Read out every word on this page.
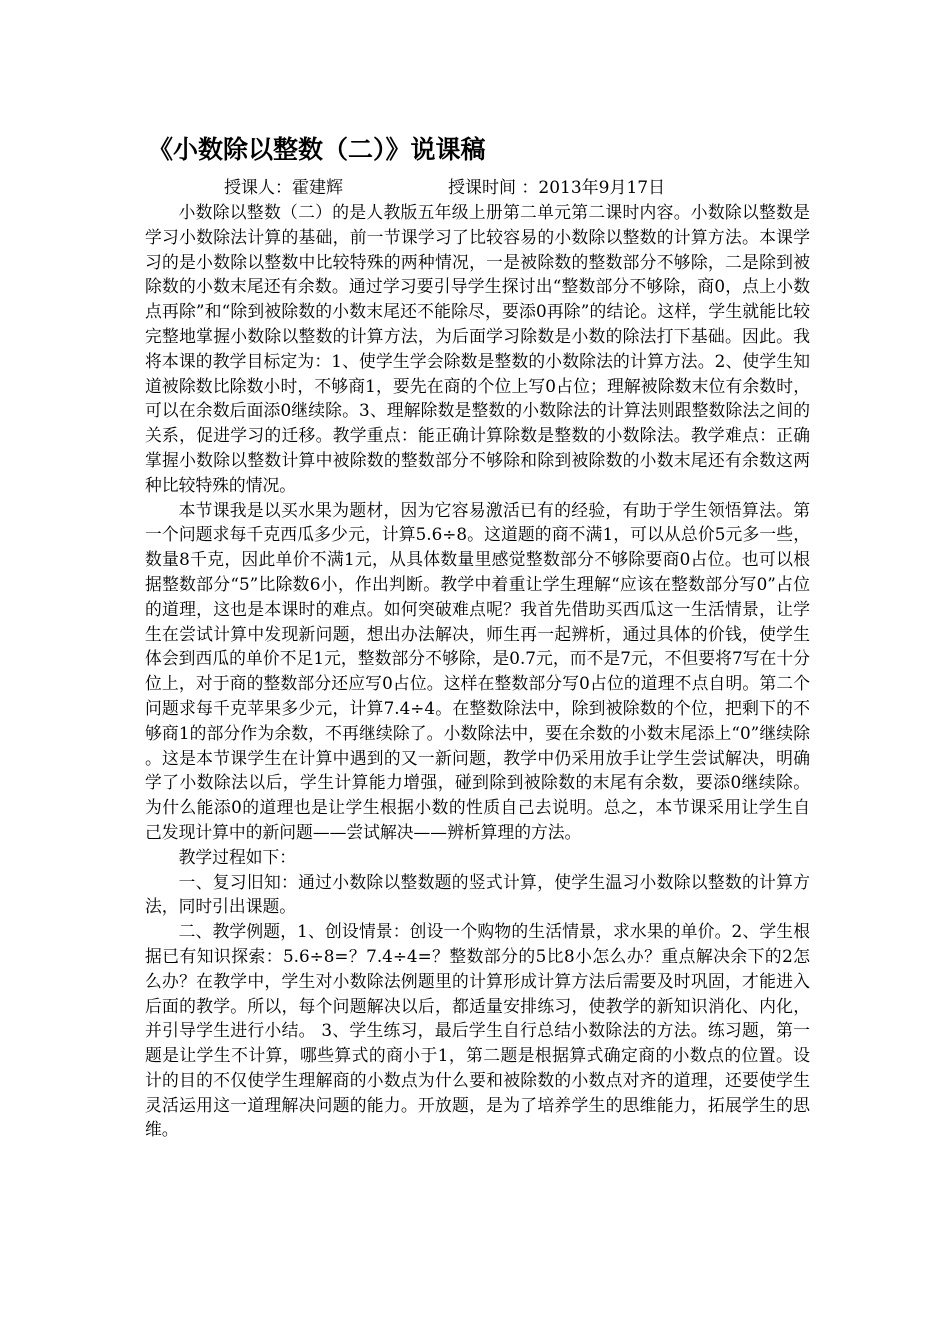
《小数除以整数（二）》说课稿
授课人：霍建辉	授课时间 ：2013年9月17日

小数除以整数（二）的是人教版五年级上册第二单元第二课时内容。小数除以整数是学习小数除法计算的基础，前一节课学习了比较容易的小数除以整数的计算方法。本课学习的是小数除以整数中比较特殊的两种情况，一是被除数的整数部分不够除，二是除到被除数的小数末尾还有余数。通过学习要引导学生探讨出“整数部分不够除，商0，点上小数点再除”和“除到被除数的小数末尾还不能除尽，要添0再除”的结论。这样，学生就能比较完整地掌握小数除以整数的计算方法，为后面学习除数是小数的除法打下基础。因此。我将本课的教学目标定为：1、使学生学会除数是整数的小数除法的计算方法。2、使学生知道被除数比除数小时，不够商1，要先在商的个位上写0占位；理解被除数末位有余数时，可以在余数后面添0继续除。3、理解除数是整数的小数除法的计算法则跟整数除法之间的关系，促进学习的迁移。教学重点：能正确计算除数是整数的小数除法。教学难点：正确掌握小数除以整数计算中被除数的整数部分不够除和除到被除数的小数末尾还有余数这两种比较特殊的情况。

本节课我是以买水果为题材，因为它容易激活已有的经验，有助于学生领悟算法。第一个问题求每千克西瓜多少元，计算5.6÷8。这道题的商不满1，可以从总价5元多一些，数量8千克，因此单价不满1元，从具体数量里感觉整数部分不够除要商0占位。也可以根据整数部分“5”比除数6小，作出判断。教学中着重让学生理解“应该在整数部分写0”占位的道理，这也是本课时的难点。如何突破难点呢？我首先借助买西瓜这一生活情景，让学生在尝试计算中发现新问题，想出办法解决，师生再一起辨析，通过具体的价钱，使学生体会到西瓜的单价不足1元，整数部分不够除，是0.7元，而不是7元，不但要将7写在十分位上，对于商的整数部分还应写0占位。这样在整数部分写0占位的道理不点自明。第二个问题求每千克苹果多少元，计算7.4÷4。在整数除法中，除到被除数的个位，把剩下的不够商1的部分作为余数，不再继续除了。小数除法中，要在余数的小数末尾添上“0”继续除。这是本节课学生在计算中遇到的又一新问题，教学中仍采用放手让学生尝试解决，明确学了小数除法以后，学生计算能力增强，碰到除到被除数的末尾有余数，要添0继续除。为什么能添0的道理也是让学生根据小数的性质自己去说明。总之，本节课采用让学生自己发现计算中的新问题——尝试解决——辨析算理的方法。

教学过程如下：

一、复习旧知：通过小数除以整数题的竖式计算，使学生温习小数除以整数的计算方法，同时引出课题。

二、教学例题，1、创设情景：创设一个购物的生活情景，求水果的单价。2、学生根据已有知识探索：5.6÷8=？7.4÷4=？整数部分的5比8小怎么办？重点解决余下的2怎么办？在教学中，学生对小数除法例题里的计算形成计算方法后需要及时巩固，才能进入后面的教学。所以，每个问题解决以后，都适量安排练习，使教学的新知识消化、内化，并引导学生进行小结。 3、学生练习，最后学生自行总结小数除法的方法。练习题，第一题是让学生不计算，哪些算式的商小于1，第二题是根据算式确定商的小数点的位置。设计的目的不仅使学生理解商的小数点为什么要和被除数的小数点对齐的道理，还要使学生灵活运用这一道理解决问题的能力。开放题，是为了培养学生的思维能力，拓展学生的思维。
